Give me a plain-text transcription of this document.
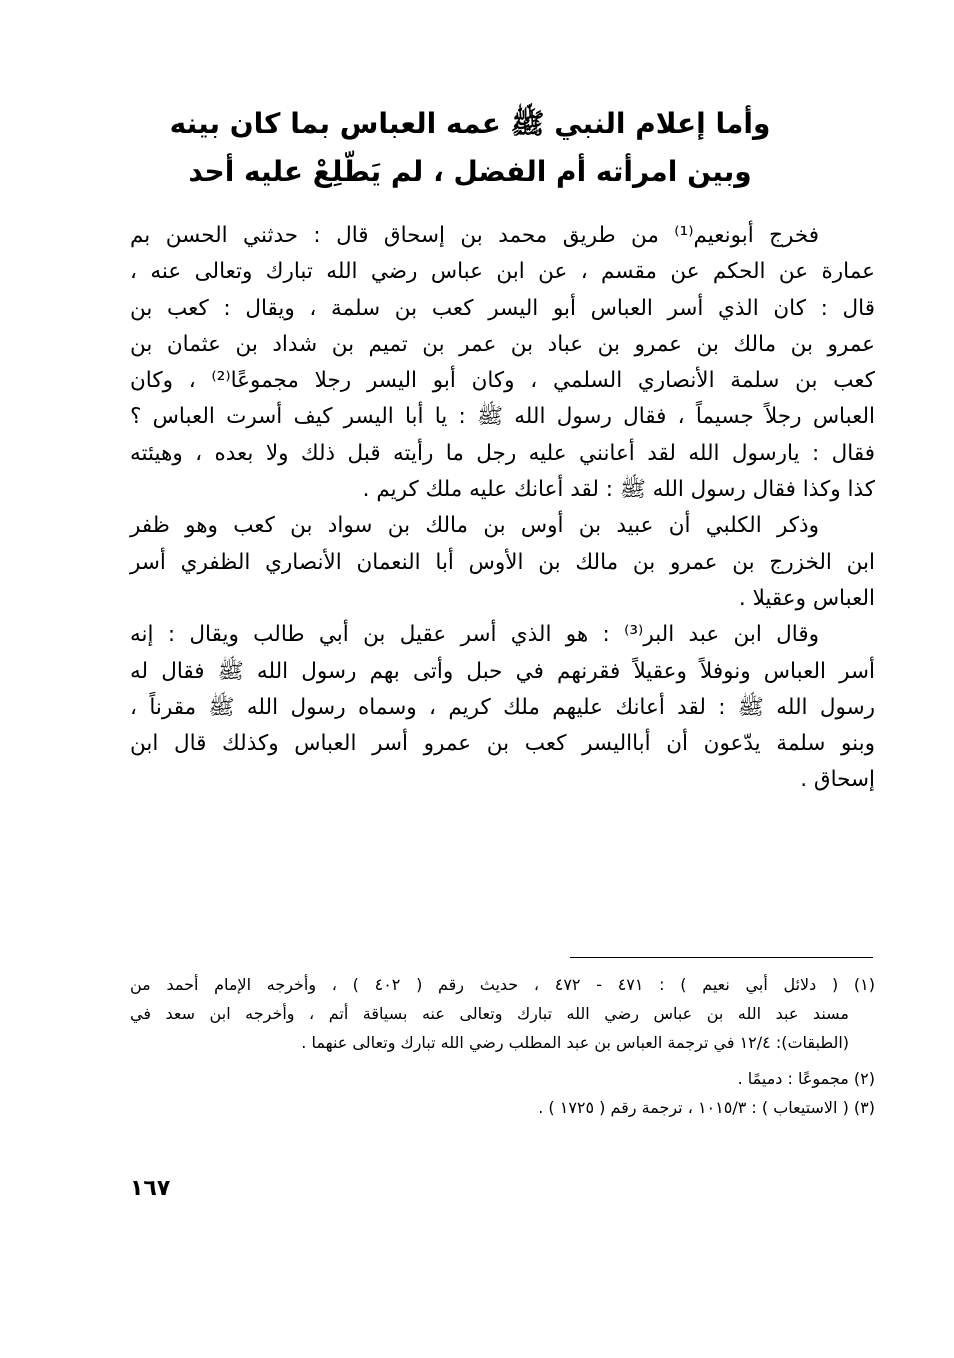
وأما إعلام النبي ﷺ عمه العباس بما كان بينه
وبين امرأته أم الفضل ، لم يَطّلِعْ عليه أحد
فخرج أبونعيم⁽¹⁾ من طريق محمد بن إسحاق قال : حدثني الحسن بم
عمارة عن الحكم عن مقسم ، عن ابن عباس رضي الله تبارك وتعالى عنه ،
قال : كان الذي أسر العباس أبو اليسر كعب بن سلمة ، ويقال : كعب بن
عمرو بن مالك بن عمرو بن عباد بن عمر بن تميم بن شداد بن عثمان بن
كعب بن سلمة الأنصاري السلمي ، وكان أبو اليسر رجلا مجموعًا⁽²⁾ ، وكان
العباس رجلاً جسيماً ، فقال رسول الله ﷺ : يا أبا اليسر كيف أسرت العباس ؟
فقال : يارسول الله لقد أعانني عليه رجل ما رأيته قبل ذلك ولا بعده ، وهيئته
كذا وكذا فقال رسول الله ﷺ : لقد أعانك عليه ملك كريم .
وذكر الكلبي أن عبيد بن أوس بن مالك بن سواد بن كعب وهو ظفر
ابن الخزرج بن عمرو بن مالك بن الأوس أبا النعمان الأنصاري الظفري أسر
العباس وعقيلا .
وقال ابن عبد البر⁽³⁾ : هو الذي أسر عقيل بن أبي طالب ويقال : إنه
أسر العباس ونوفلاً وعقيلاً فقرنهم في حبل وأتى بهم رسول الله ﷺ فقال له
رسول الله ﷺ : لقد أعانك عليهم ملك كريم ، وسماه رسول الله ﷺ مقرناً ،
وبنو سلمة يدّعون أن أبااليسر كعب بن عمرو أسر العباس وكذلك قال ابن
إسحاق .
(١) ( دلائل أبي نعيم ) : ٤٧١ - ٤٧٢ ، حديث رقم ( ٤٠٢ ) ، وأخرجه الإمام أحمد من
مسند عبد الله بن عباس رضي الله تبارك وتعالى عنه بسياقة أتم ، وأخرجه ابن سعد في
(الطبقات): ١٢/٤ في ترجمة العباس بن عبد المطلب رضي الله تبارك وتعالى عنهما .
(٢) مجموعًا : دميمًا .
(٣) ( الاستيعاب ) : ١٠١٥/٣ ، ترجمة رقم ( ١٧٢٥ ) .
١٦٧
